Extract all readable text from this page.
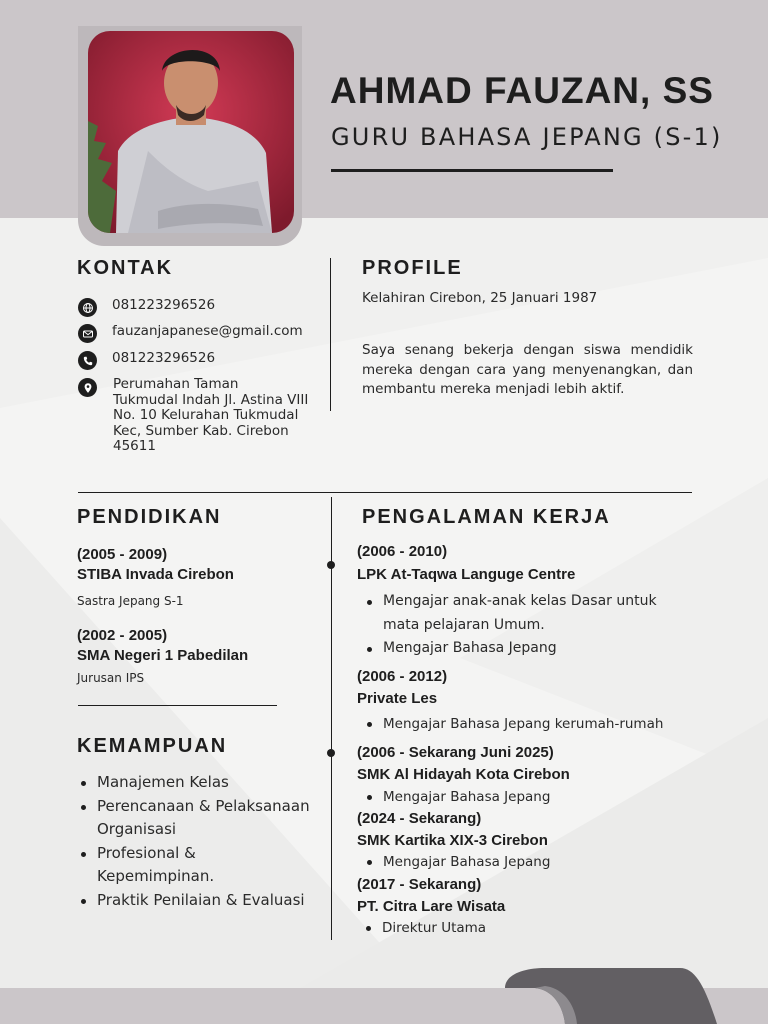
AHMAD FAUZAN, SS
GURU BAHASA JEPANG (S-1)
KONTAK
081223296526
fauzanjapanese@gmail.com
081223296526
Perumahan Taman
Tukmudal Indah Jl. Astina VIII
No. 10 Kelurahan Tukmudal
Kec, Sumber Kab. Cirebon
45611
PROFILE
Kelahiran Cirebon, 25 Januari 1987
Saya senang bekerja dengan siswa mendidik mereka dengan cara yang menyenangkan, dan membantu mereka menjadi lebih aktif.
PENDIDIKAN
(2005 - 2009)
STIBA Invada Cirebon
Sastra Jepang S-1
(2002 - 2005)
SMA Negeri 1 Pabedilan
Jurusan IPS
KEMAMPUAN
Manajemen Kelas
Perencanaan & Pelaksanaan Organisasi
Profesional & Kepemimpinan.
Praktik Penilaian & Evaluasi
PENGALAMAN KERJA
(2006 - 2010)
LPK At-Taqwa Languge Centre
Mengajar anak-anak kelas Dasar untuk mata pelajaran Umum.
Mengajar Bahasa Jepang
(2006 - 2012)
Private Les
Mengajar Bahasa Jepang kerumah-rumah
(2006 - Sekarang Juni 2025)
SMK Al Hidayah Kota Cirebon
Mengajar Bahasa Jepang
(2024 - Sekarang)
SMK Kartika XIX-3 Cirebon
Mengajar Bahasa Jepang
(2017 - Sekarang)
PT. Citra Lare Wisata
Direktur Utama
